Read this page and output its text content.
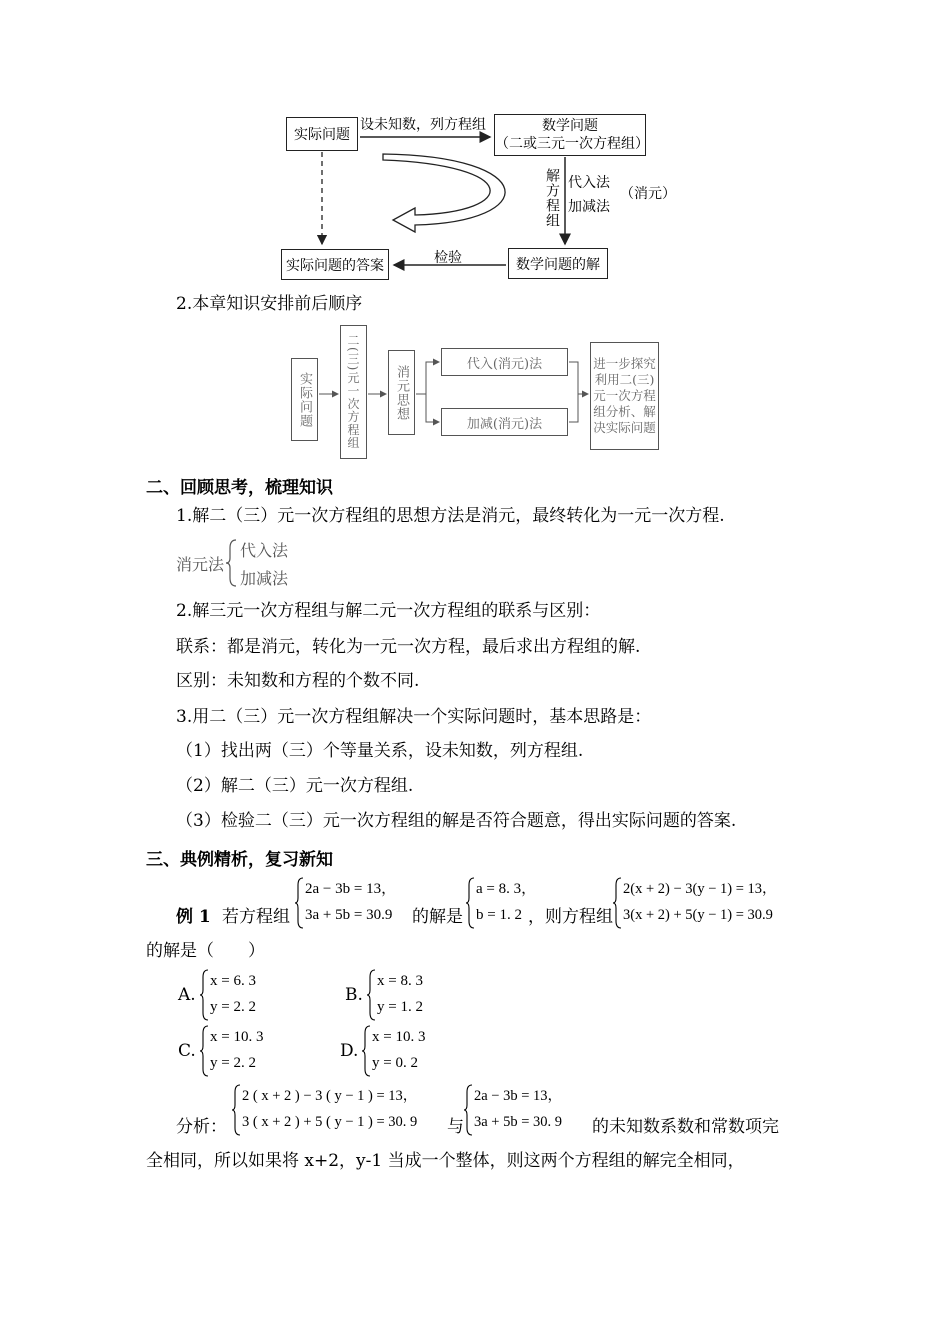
实际问题
设未知数，列方程组	数学问题
（二或三元一次方程组）
解方程组 代入法
加减法
（消元）
实际问题的答案	检验	数学问题的解
2.本章知识安排前后顺序
实际问题	二(三)元一次方程组	消元思想
代入(消元)法
加减(消元)法
进一步探究利用二(三)元一次方程组分析、解决实际问题
二、回顾思考，梳理知识
1.解二（三）元一次方程组的思想方法是消元，最终转化为一元一次方程.
消元法
代入法
加减法
2.解三元一次方程组与解二元一次方程组的联系与区别：
联系：都是消元，转化为一元一次方程，最后求出方程组的解.
区别：未知数和方程的个数不同.
3.用二（三）元一次方程组解决一个实际问题时，基本思路是：
（1）找出两（三）个等量关系，设未知数，列方程组.
（2）解二（三）元一次方程组.
（3）检验二（三）元一次方程组的解是否符合题意，得出实际问题的答案.
三、典例精析，复习新知
例 1 若方程组
2a − 3b = 13，
3a + 5b = 30.9 的解是
a = 8. 3，
b = 1. 2 ，则方程组
2(x + 2) − 3(y − 1) = 13，
3(x + 2) + 5(y − 1) = 30.9
的解是（　　）
A.
x = 6. 3
y = 2. 2
B.
x = 8. 3
y = 1. 2
C.
x = 10. 3
y = 2. 2
D.
x = 10. 3
y = 0. 2
分析：
2 ( x + 2 ) − 3 ( y − 1 ) = 13，
3 ( x + 2 ) + 5 ( y − 1 ) = 30. 9 与
2a − 3b = 13，
3a + 5b = 30. 9 的未知数系数和常数项完
全相同，所以如果将 x+2，y-1 当成一个整体，则这两个方程组的解完全相同，
